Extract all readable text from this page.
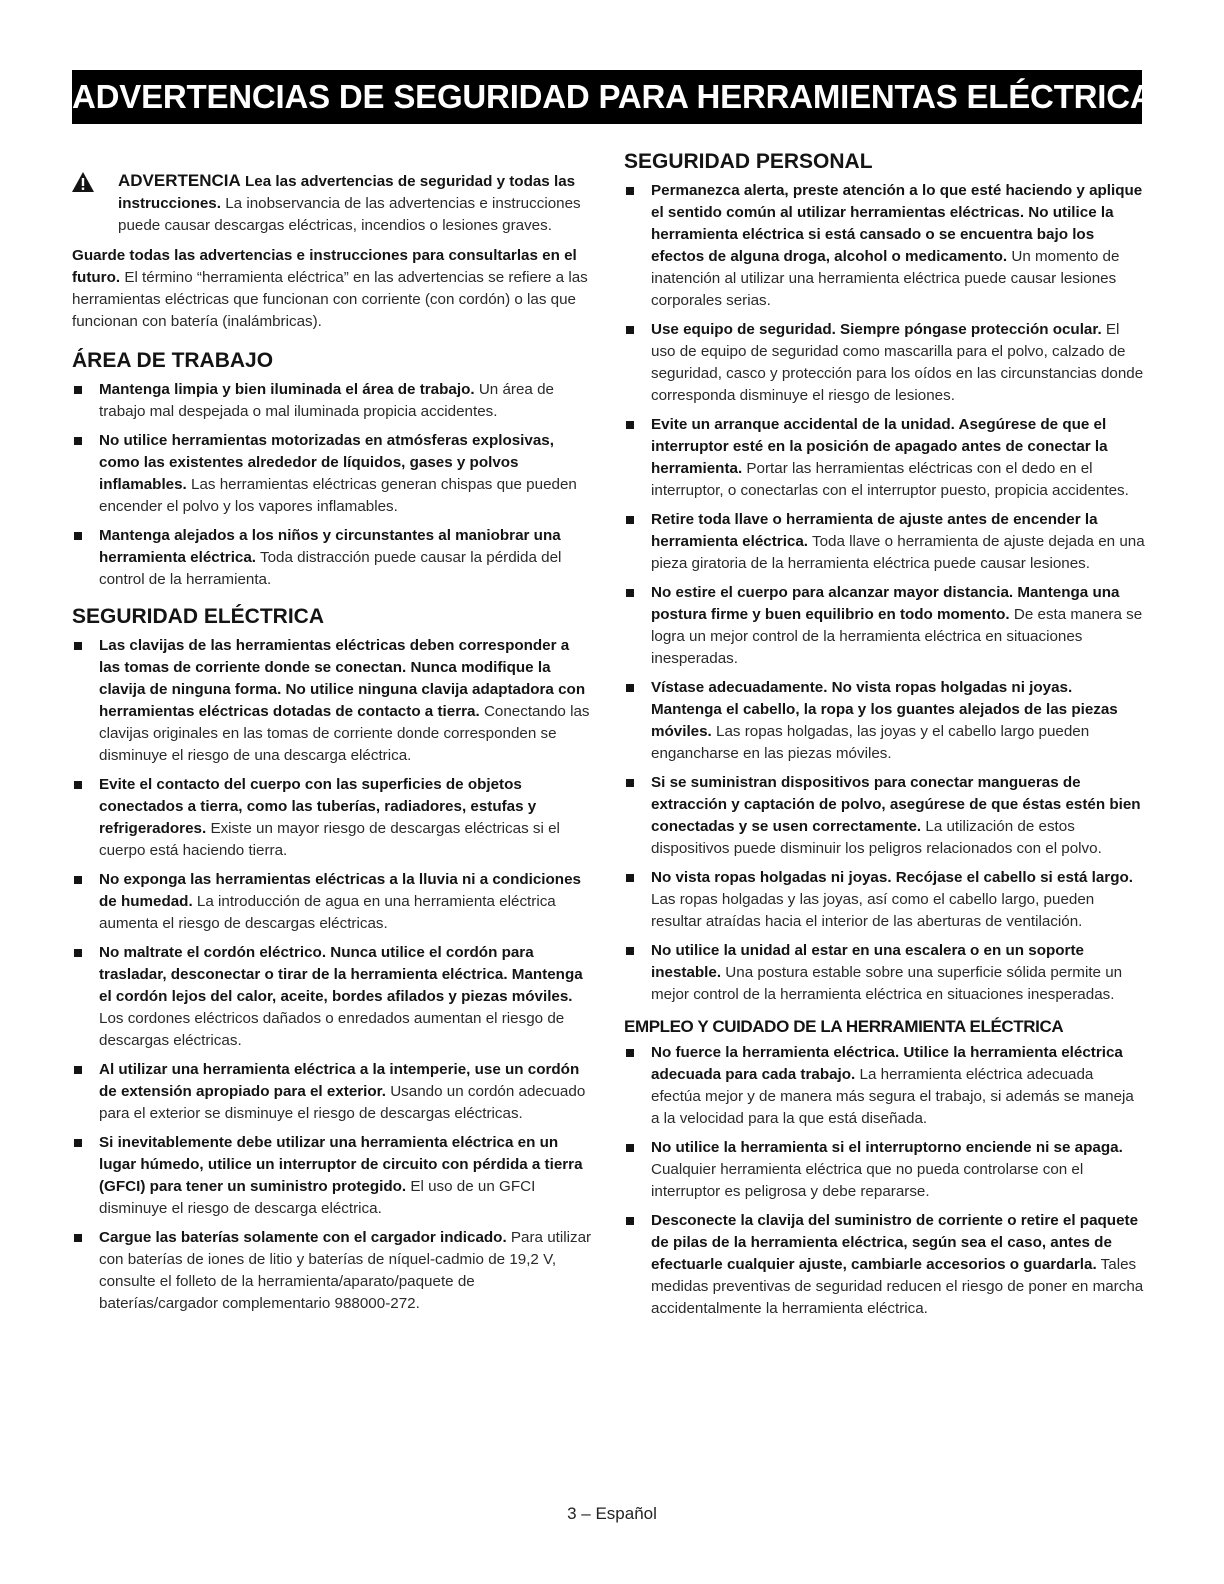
ADVERTENCIAS DE SEGURIDAD PARA HERRAMIENTAS ELÉCTRICAS

ADVERTENCIA Lea las advertencias de seguridad y todas las instrucciones. La inobservancia de las advertencias e instrucciones puede causar descargas eléctricas, incendios o lesiones graves.

Guarde todas las advertencias e instrucciones para consultarlas en el futuro. El término “herramienta eléctrica” en las advertencias se refiere a las herramientas eléctricas que funcionan con corriente (con cordón) o las que funcionan con batería (inalámbricas).

ÁREA DE TRABAJO
Mantenga limpia y bien iluminada el área de trabajo. Un área de trabajo mal despejada o mal iluminada propicia accidentes.
No utilice herramientas motorizadas en atmósferas explosivas, como las existentes alrededor de líquidos, gases y polvos inflamables. Las herramientas eléctricas generan chispas que pueden encender el polvo y los vapores inflamables.
Mantenga alejados a los niños y circunstantes al maniobrar una herramienta eléctrica. Toda distracción puede causar la pérdida del control de la herramienta.
SEGURIDAD ELÉCTRICA
Las clavijas de las herramientas eléctricas deben corresponder a las tomas de corriente donde se conectan. Nunca modifique la clavija de ninguna forma. No utilice ninguna clavija adaptadora con herramientas eléctricas dotadas de contacto a tierra. Conectando las clavijas originales en las tomas de corriente donde corresponden se disminuye el riesgo de una descarga eléctrica.
Evite el contacto del cuerpo con las superficies de objetos conectados a tierra, como las tuberías, radiadores, estufas y refrigeradores. Existe un mayor riesgo de descargas eléctricas si el cuerpo está haciendo tierra.
No exponga las herramientas eléctricas a la lluvia ni a condiciones de humedad. La introducción de agua en una herramienta eléctrica aumenta el riesgo de descargas eléctricas.
No maltrate el cordón eléctrico. Nunca utilice el cordón para trasladar, desconectar o tirar de la herramienta eléctrica. Mantenga el cordón lejos del calor, aceite, bordes afilados y piezas móviles. Los cordones eléctricos dañados o enredados aumentan el riesgo de descargas eléctricas.
Al utilizar una herramienta eléctrica a la intemperie, use un cordón de extensión apropiado para el exterior. Usando un cordón adecuado para el exterior se disminuye el riesgo de descargas eléctricas.
Si inevitablemente debe utilizar una herramienta eléctrica en un lugar húmedo, utilice un interruptor de circuito con pérdida a tierra (GFCI) para tener un suministro protegido. El uso de un GFCI disminuye el riesgo de descarga eléctrica.
Cargue las baterías solamente con el cargador indicado. Para utilizar con baterías de iones de litio y baterías de níquel-cadmio de 19,2 V, consulte el folleto de la herramienta/aparato/paquete de baterías/cargador complementario 988000-272.
SEGURIDAD PERSONAL
Permanezca alerta, preste atención a lo que esté haciendo y aplique el sentido común al utilizar herramientas eléctricas. No utilice la herramienta eléctrica si está cansado o se encuentra bajo los efectos de alguna droga, alcohol o medicamento. Un momento de inatención al utilizar una herramienta eléctrica puede causar lesiones corporales serias.
Use equipo de seguridad. Siempre póngase protección ocular. El uso de equipo de seguridad como mascarilla para el polvo, calzado de seguridad, casco y protección para los oídos en las circunstancias donde corresponda disminuye el riesgo de lesiones.
Evite un arranque accidental de la unidad. Asegúrese de que el interruptor esté en la posición de apagado antes de conectar la herramienta. Portar las herramientas eléctricas con el dedo en el interruptor, o conectarlas con el interruptor puesto, propicia accidentes.
Retire toda llave o herramienta de ajuste antes de encender la herramienta eléctrica. Toda llave o herramienta de ajuste dejada en una pieza giratoria de la herramienta eléctrica puede causar lesiones.
No estire el cuerpo para alcanzar mayor distancia. Mantenga una postura firme y buen equilibrio en todo momento. De esta manera se logra un mejor control de la herramienta eléctrica en situaciones inesperadas.
Vístase adecuadamente. No vista ropas holgadas ni joyas. Mantenga el cabello, la ropa y los guantes alejados de las piezas móviles. Las ropas holgadas, las joyas y el cabello largo pueden engancharse en las piezas móviles.
Si se suministran dispositivos para conectar mangueras de extracción y captación de polvo, asegúrese de que éstas estén bien conectadas y se usen correctamente. La utilización de estos dispositivos puede disminuir los peligros relacionados con el polvo.
No vista ropas holgadas ni joyas. Recójase el cabello si está largo. Las ropas holgadas y las joyas, así como el cabello largo, pueden resultar atraídas hacia el interior de las aberturas de ventilación.
No utilice la unidad al estar en una escalera o en un soporte inestable. Una postura estable sobre una superficie sólida permite un mejor control de la herramienta eléctrica en situaciones inesperadas.
EMPLEO Y CUIDADO DE LA HERRAMIENTA ELÉCTRICA
No fuerce la herramienta eléctrica. Utilice la herramienta eléctrica adecuada para cada trabajo. La herramienta eléctrica adecuada efectúa mejor y de manera más segura el trabajo, si además se maneja a la velocidad para la que está diseñada.
No utilice la herramienta si el interruptorno enciende ni se apaga. Cualquier herramienta eléctrica que no pueda controlarse con el interruptor es peligrosa y debe repararse.
Desconecte la clavija del suministro de corriente o retire el paquete de pilas de la herramienta eléctrica, según sea el caso, antes de efectuarle cualquier ajuste, cambiarle accesorios o guardarla. Tales medidas preventivas de seguridad reducen el riesgo de poner en marcha accidentalmente la herramienta eléctrica.
3 – Español
